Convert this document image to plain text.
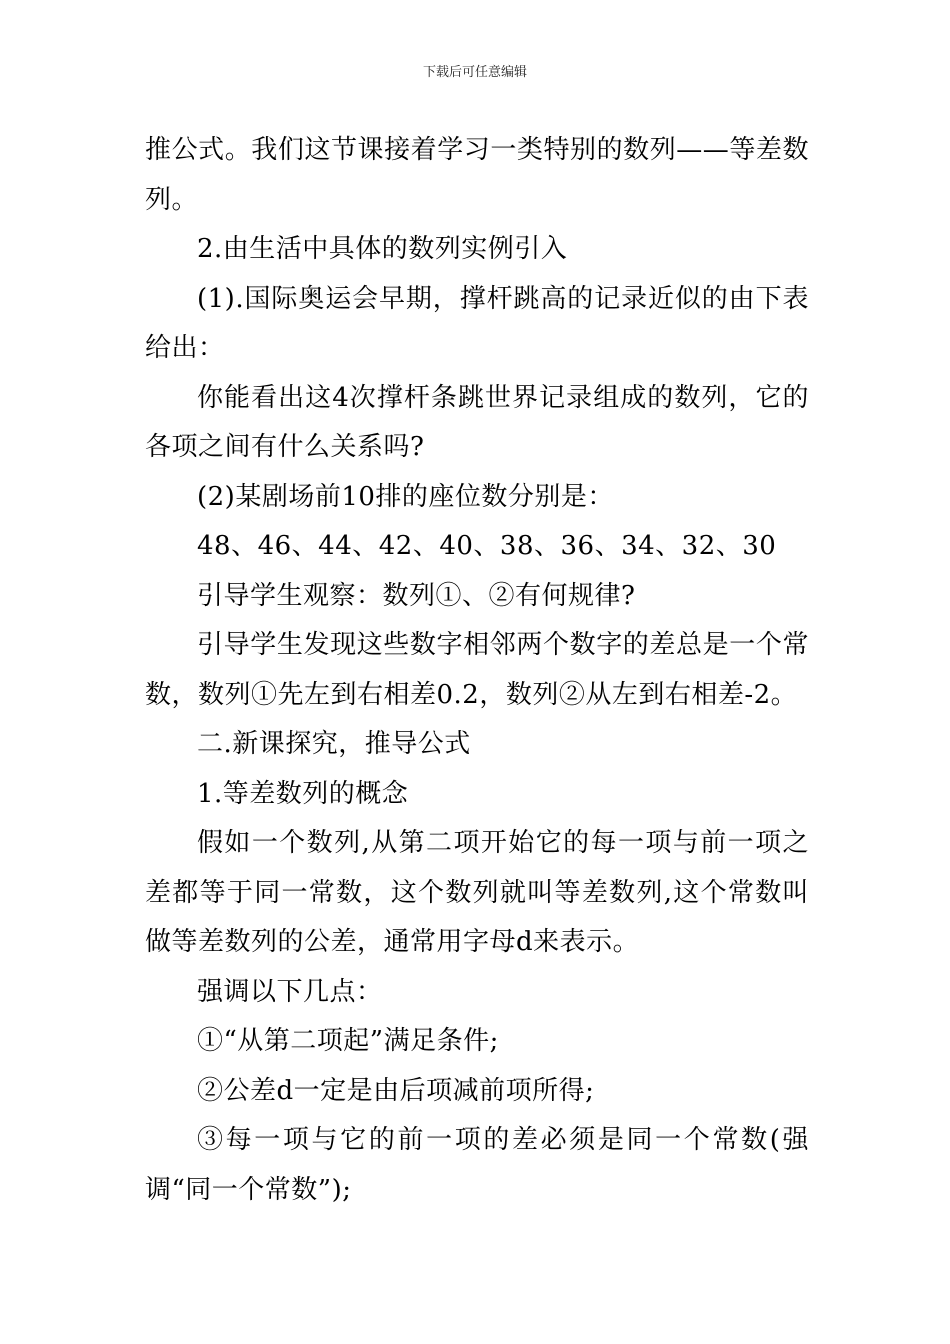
下载后可任意编辑

推公式。我们这节课接着学习一类特别的数列——等差数列。

2.由生活中具体的数列实例引入

(1).国际奥运会早期，撑杆跳高的记录近似的由下表给出：

你能看出这4次撑杆条跳世界记录组成的数列，它的各项之间有什么关系吗?

(2)某剧场前10排的座位数分别是：

48、46、44、42、40、38、36、34、32、30

引导学生观察：数列①、②有何规律?

引导学生发现这些数字相邻两个数字的差总是一个常数，数列①先左到右相差0.2，数列②从左到右相差-2。

二.新课探究，推导公式

1.等差数列的概念

假如一个数列,从第二项开始它的每一项与前一项之差都等于同一常数，这个数列就叫等差数列,这个常数叫做等差数列的公差，通常用字母d来表示。

强调以下几点：

①“从第二项起”满足条件;

②公差d一定是由后项减前项所得;

③每一项与它的前一项的差必须是同一个常数(强调“同一个常数”);
